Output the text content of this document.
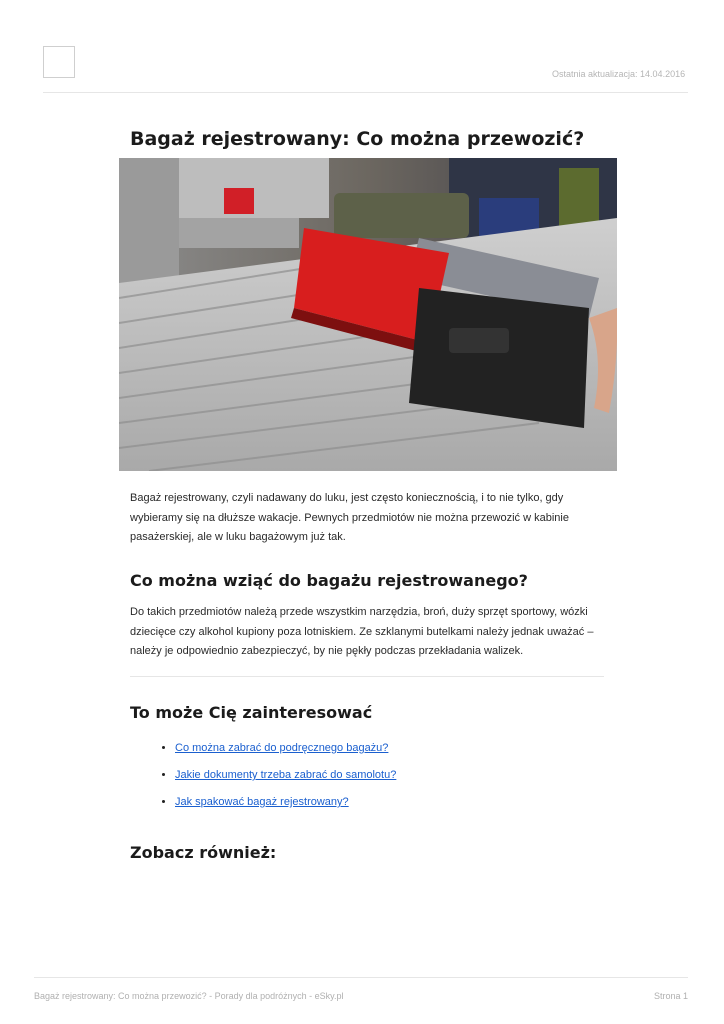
Ostatnia aktualizacja: 14.04.2016
Bagaż rejestrowany: Co można przewozić?

Bagaż rejestrowany, czyli nadawany do luku, jest często koniecznością, i to nie tylko, gdy wybieramy się na dłuższe wakacje. Pewnych przedmiotów nie można przewozić w kabinie pasażerskiej, ale w luku bagażowym już tak.

Co można wziąć do bagażu rejestrowanego?

Do takich przedmiotów należą przede wszystkim narzędzia, broń, duży sprzęt sportowy, wózki dziecięce czy alkohol kupiony poza lotniskiem. Ze szklanymi butelkami należy jednak uważać – należy je odpowiednio zabezpieczyć, by nie pękły podczas przekładania walizek.

To może Cię zainteresować
• Co można zabrać do podręcznego bagażu?
• Jakie dokumenty trzeba zabrać do samolotu?
• Jak spakować bagaż rejestrowany?
Zobacz również:
Bagaż rejestrowany: Co można przewozić? - Porady dla podróżnych - eSky.pl	Strona 1
